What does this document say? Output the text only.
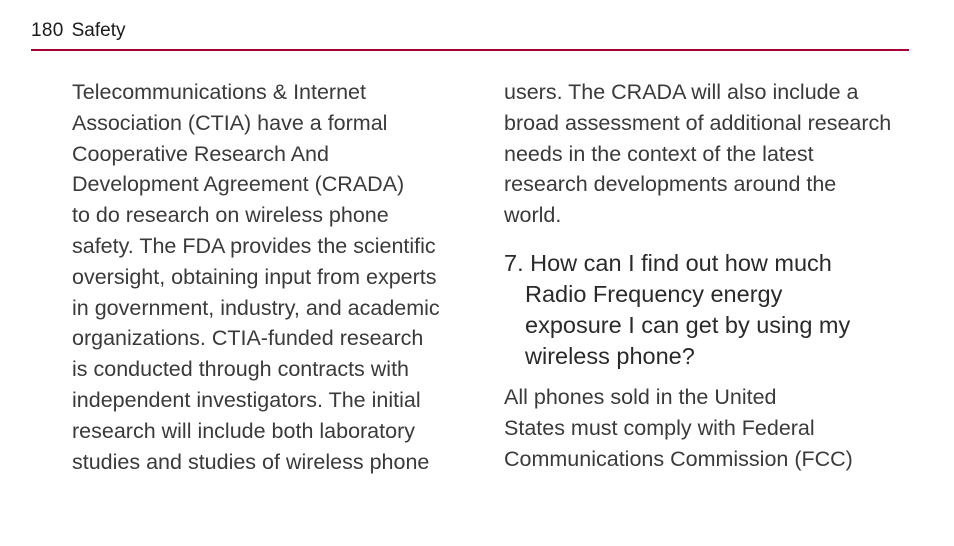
180 Safety
Telecommunications & Internet
Association (CTIA) have a formal
Cooperative Research And
Development Agreement (CRADA)
to do research on wireless phone
safety. The FDA provides the scientific
oversight, obtaining input from experts
in government, industry, and academic
organizations. CTIA-funded research
is conducted through contracts with
independent investigators. The initial
research will include both laboratory
studies and studies of wireless phone
users. The CRADA will also include a
broad assessment of additional research
needs in the context of the latest
research developments around the
world.
7. How can I find out how much
Radio Frequency energy
exposure I can get by using my
wireless phone?
All phones sold in the United
States must comply with Federal
Communications Commission (FCC)
